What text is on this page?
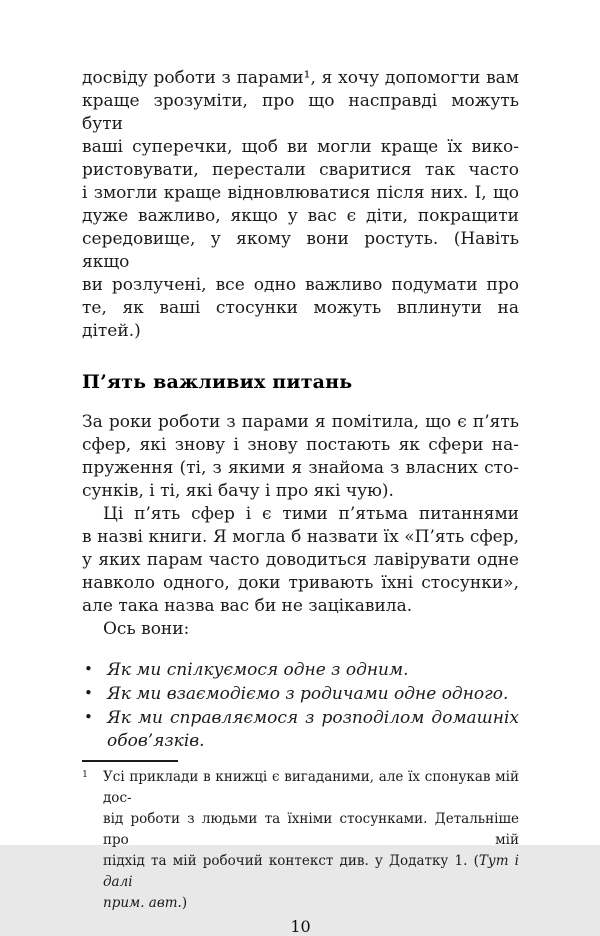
досвіду роботи з парами¹, я хочу допомогти вам
краще зрозуміти, про що насправді можуть бути
ваші суперечки, щоб ви могли краще їх вико-
ристовувати, перестали сваритися так часто
і змогли краще відновлюватися після них. І, що
дуже важливо, якщо у вас є діти, покращити
середовище, у якому вони ростуть. (Навіть якщо
ви розлучені, все одно важливо подумати про
те, як ваші стосунки можуть вплинути на дітей.)
П’ять важливих питань
За роки роботи з парами я помітила, що є п’ять
сфер, які знову і знову постають як сфери на-
пруження (ті, з якими я знайома з власних сто-
сунків, і ті, які бачу і про які чую).
Ці п’ять сфер і є тими п’ятьма питаннями
в назві книги. Я могла б назвати їх «П’ять сфер,
у яких парам часто доводиться лавірувати одне
навколо одного, доки тривають їхні стосунки»,
але така назва вас би не зацікавила.
Ось вони:
• Як ми спілкуємося одне з одним.
• Як ми взаємодіємо з родичами одне одного.
• Як ми справляємося з розподілом домашніх обов’язків.
1 Усі приклади в книжці є вигаданими, але їх спонукав мій дос-
від роботи з людьми та їхніми стосунками. Детальніше про мій
підхід та мій робочий контекст див. у Додатку 1. (Тут і далі
прим. авт.)
10
